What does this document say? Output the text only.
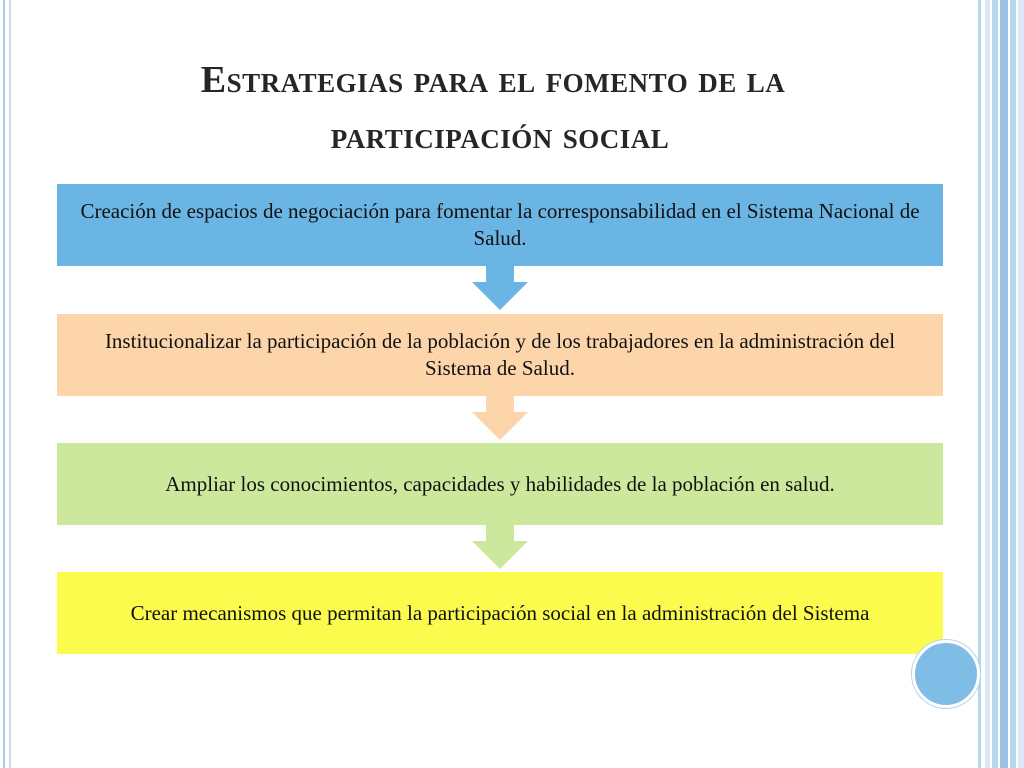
Estrategias para el fomento de la
participación social
Creación de espacios de negociación para fomentar la corresponsabilidad en el Sistema Nacional de Salud.
Institucionalizar la participación de la población y de los trabajadores en la administración del Sistema de Salud.
Ampliar los conocimientos, capacidades y habilidades de la población en salud.
Crear mecanismos que permitan la participación social en la administración del Sistema
